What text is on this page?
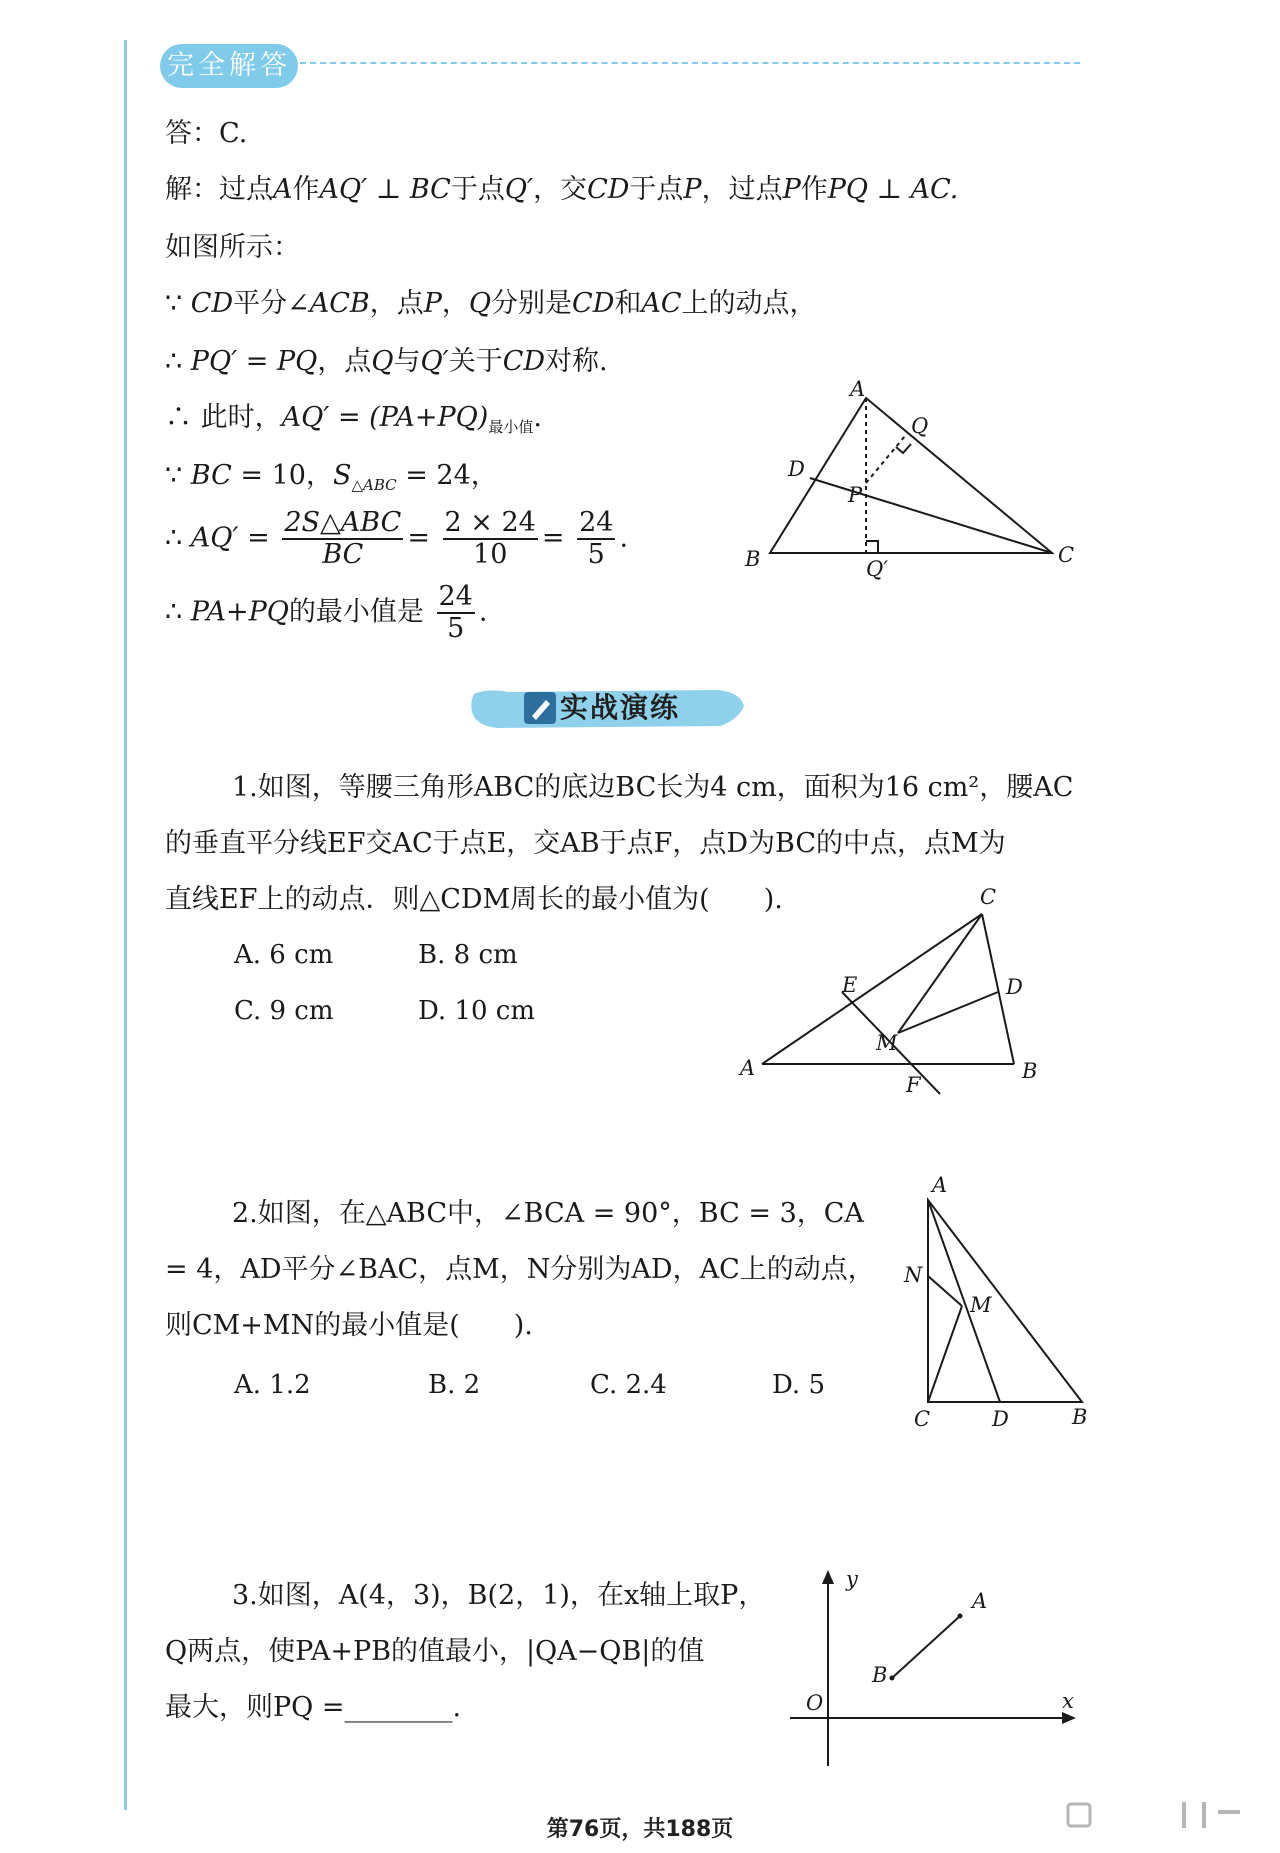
完全解答
答：C.
解：过点A作AQ′ ⊥ BC于点Q′，交CD于点P，过点P作PQ ⊥ AC.
如图所示：
∵ CD平分∠ACB，点P，Q分别是CD和AC上的动点，
∴ PQ′ = PQ，点Q与Q′关于CD对称.
∴ 此时，$AQ' = (PA+PQ)_{最小值}$.
∵ BC = 10，$S_{\triangle ABC} = 24$，
∴ $AQ' = \frac{\text{2S△ABC}}{BC} = \frac{2 \times 24}{10} = \frac{24}{5}$ .
∴ PA+PQ的最小值是 $\frac{24}{5}$ .
A
Q
D
P
B	Q′
C
实战演练
1.如图，等腰三角形ABC的底边BC长为4 cm，面积为16 cm²，腰AC
的垂直平分线EF交AC于点E，交AB于点F，点D为BC的中点，点M为
直线EF上的动点．则△CDM周长的最小值为(　　).
A. 6 cm	B. 8 cm
C. 9 cm	D. 10 cm
C
E	D
M
A
F
B
2.如图，在△ABC中，∠BCA = 90°，BC = 3，CA
= 4，AD平分∠BAC，点M，N分别为AD，AC上的动点，
则CM+MN的最小值是(　　).
A. 1.2	B. 2	C. 2.4	D. 5
A
N
M
C	D	B
3.如图，A(4，3)，B(2，1)，在x轴上取P，
Q两点，使PA+PB的值最小，|QA−QB|的值
最大，则PQ =________.
y
A
B
O	x
第76页，共188页
